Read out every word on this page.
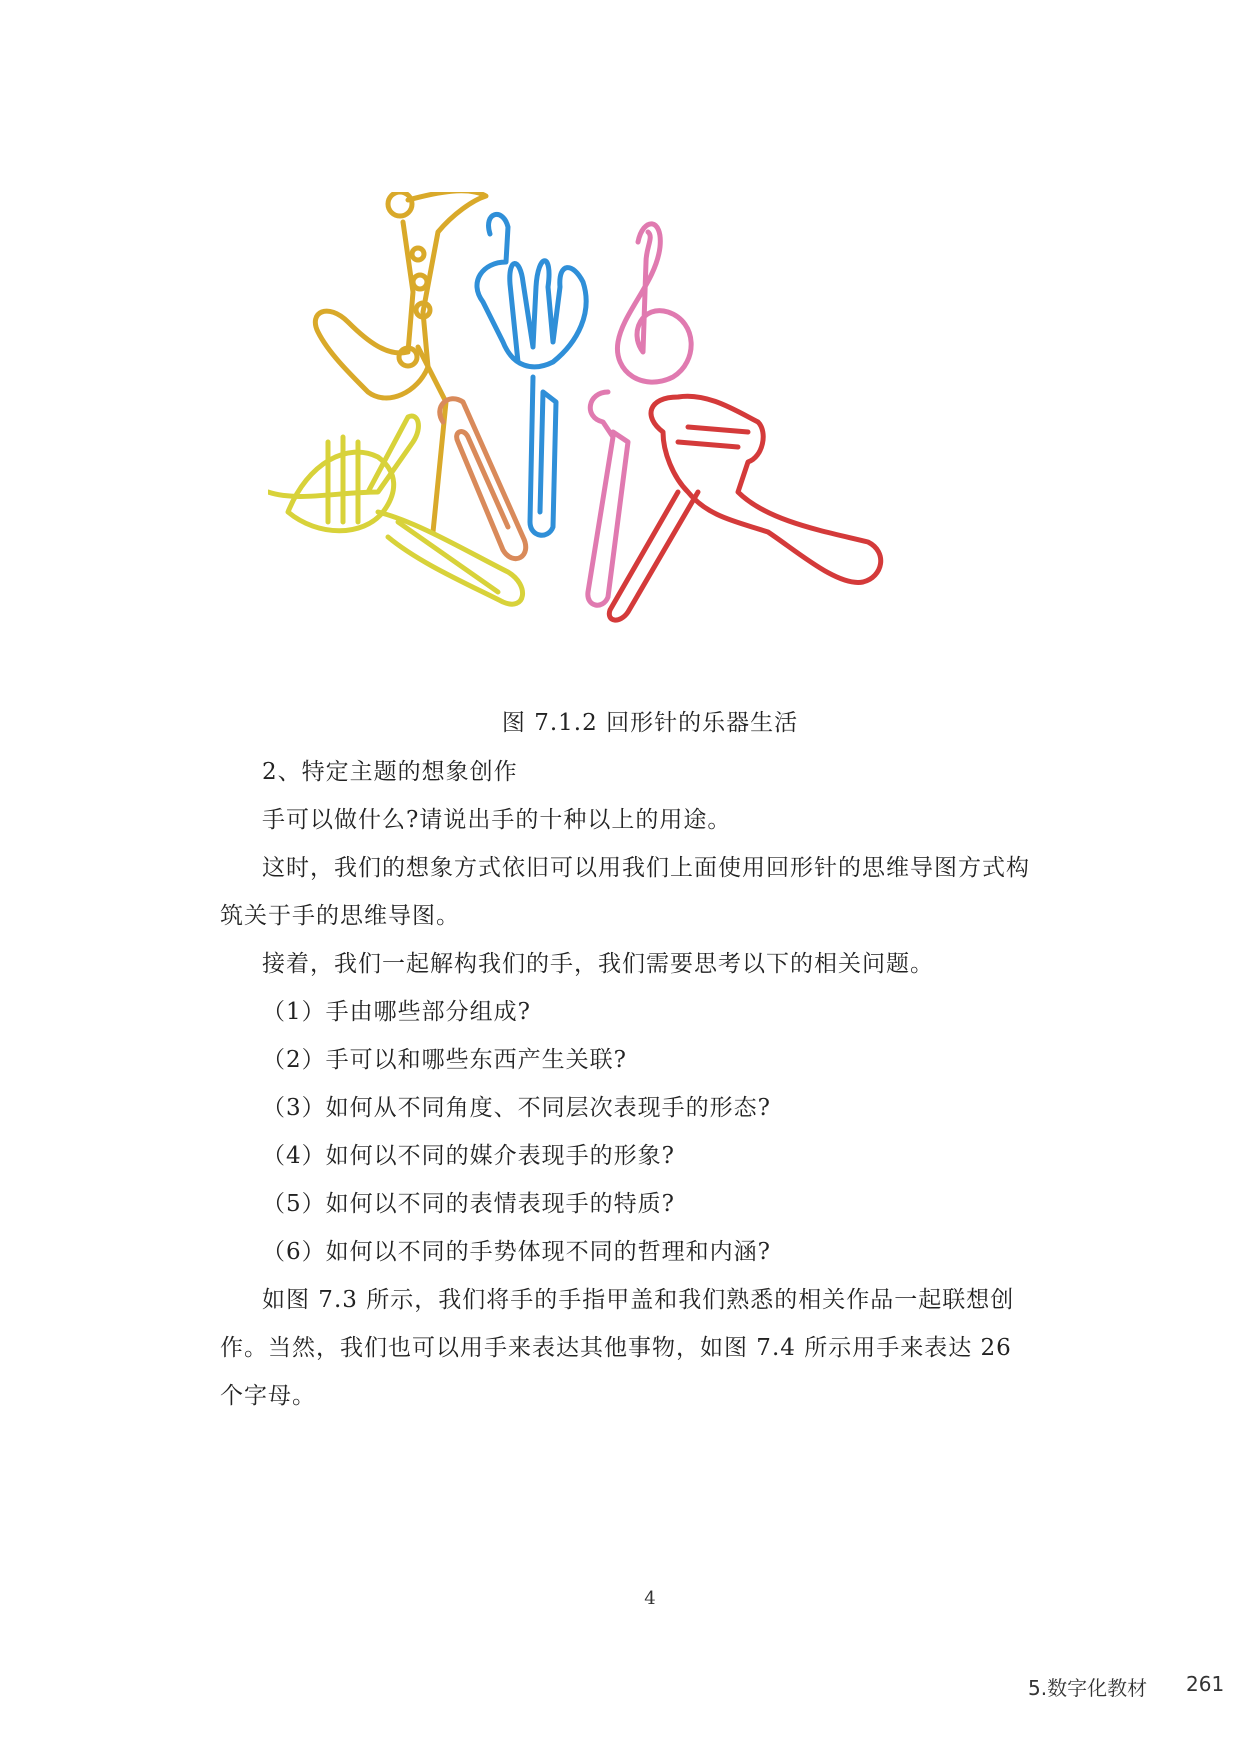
图 7.1.2 回形针的乐器生活

2、特定主题的想象创作

手可以做什么?请说出手的十种以上的用途。

这时，我们的想象方式依旧可以用我们上面使用回形针的思维导图方式构筑关于手的思维导图。

接着，我们一起解构我们的手，我们需要思考以下的相关问题。

（1）手由哪些部分组成?

（2）手可以和哪些东西产生关联?

（3）如何从不同角度、不同层次表现手的形态?

（4）如何以不同的媒介表现手的形象?

（5）如何以不同的表情表现手的特质?

（6）如何以不同的手势体现不同的哲理和内涵?

如图 7.3 所示，我们将手的手指甲盖和我们熟悉的相关作品一起联想创作。当然，我们也可以用手来表达其他事物，如图 7.4 所示用手来表达 26 个字母。

4
5.数字化教材 261
